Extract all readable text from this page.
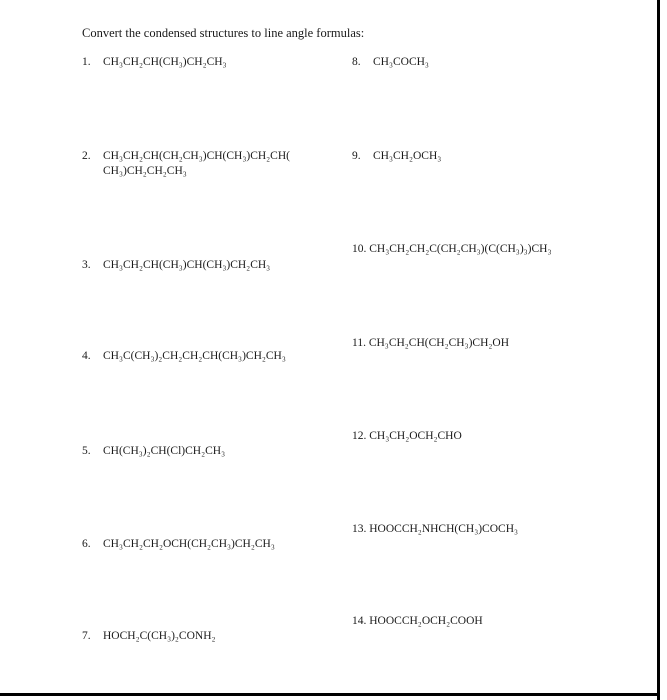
Convert the condensed structures to line angle formulas:
1. CH₃CH₂CH(CH₃)CH₂CH₃
2. CH₃CH₂CH(CH₂CH₃)CH(CH₃)CH₂CH(
CH₃)CH₂CH₂CH₃
3. CH₃CH₂CH(CH₃)CH(CH₃)CH₂CH₃
4. CH₃C(CH₃)₂CH₂CH₂CH(CH₃)CH₂CH₃
5. CH(CH₃)₂CH(Cl)CH₂CH₃
6. CH₃CH₂CH₂OCH(CH₂CH₃)CH₂CH₃
7. HOCH₂C(CH₃)₂CONH₂
8. CH₃COCH₃
9. CH₃CH₂OCH₃
10. CH₃CH₂CH₂C(CH₂CH₃)(C(CH₃)₃)CH₃
11. CH₃CH₂CH(CH₂CH₃)CH₂OH
12. CH₃CH₂OCH₂CHO
13. HOOCCH₂NHCH(CH₃)COCH₃
14. HOOCCH₂OCH₂COOH
